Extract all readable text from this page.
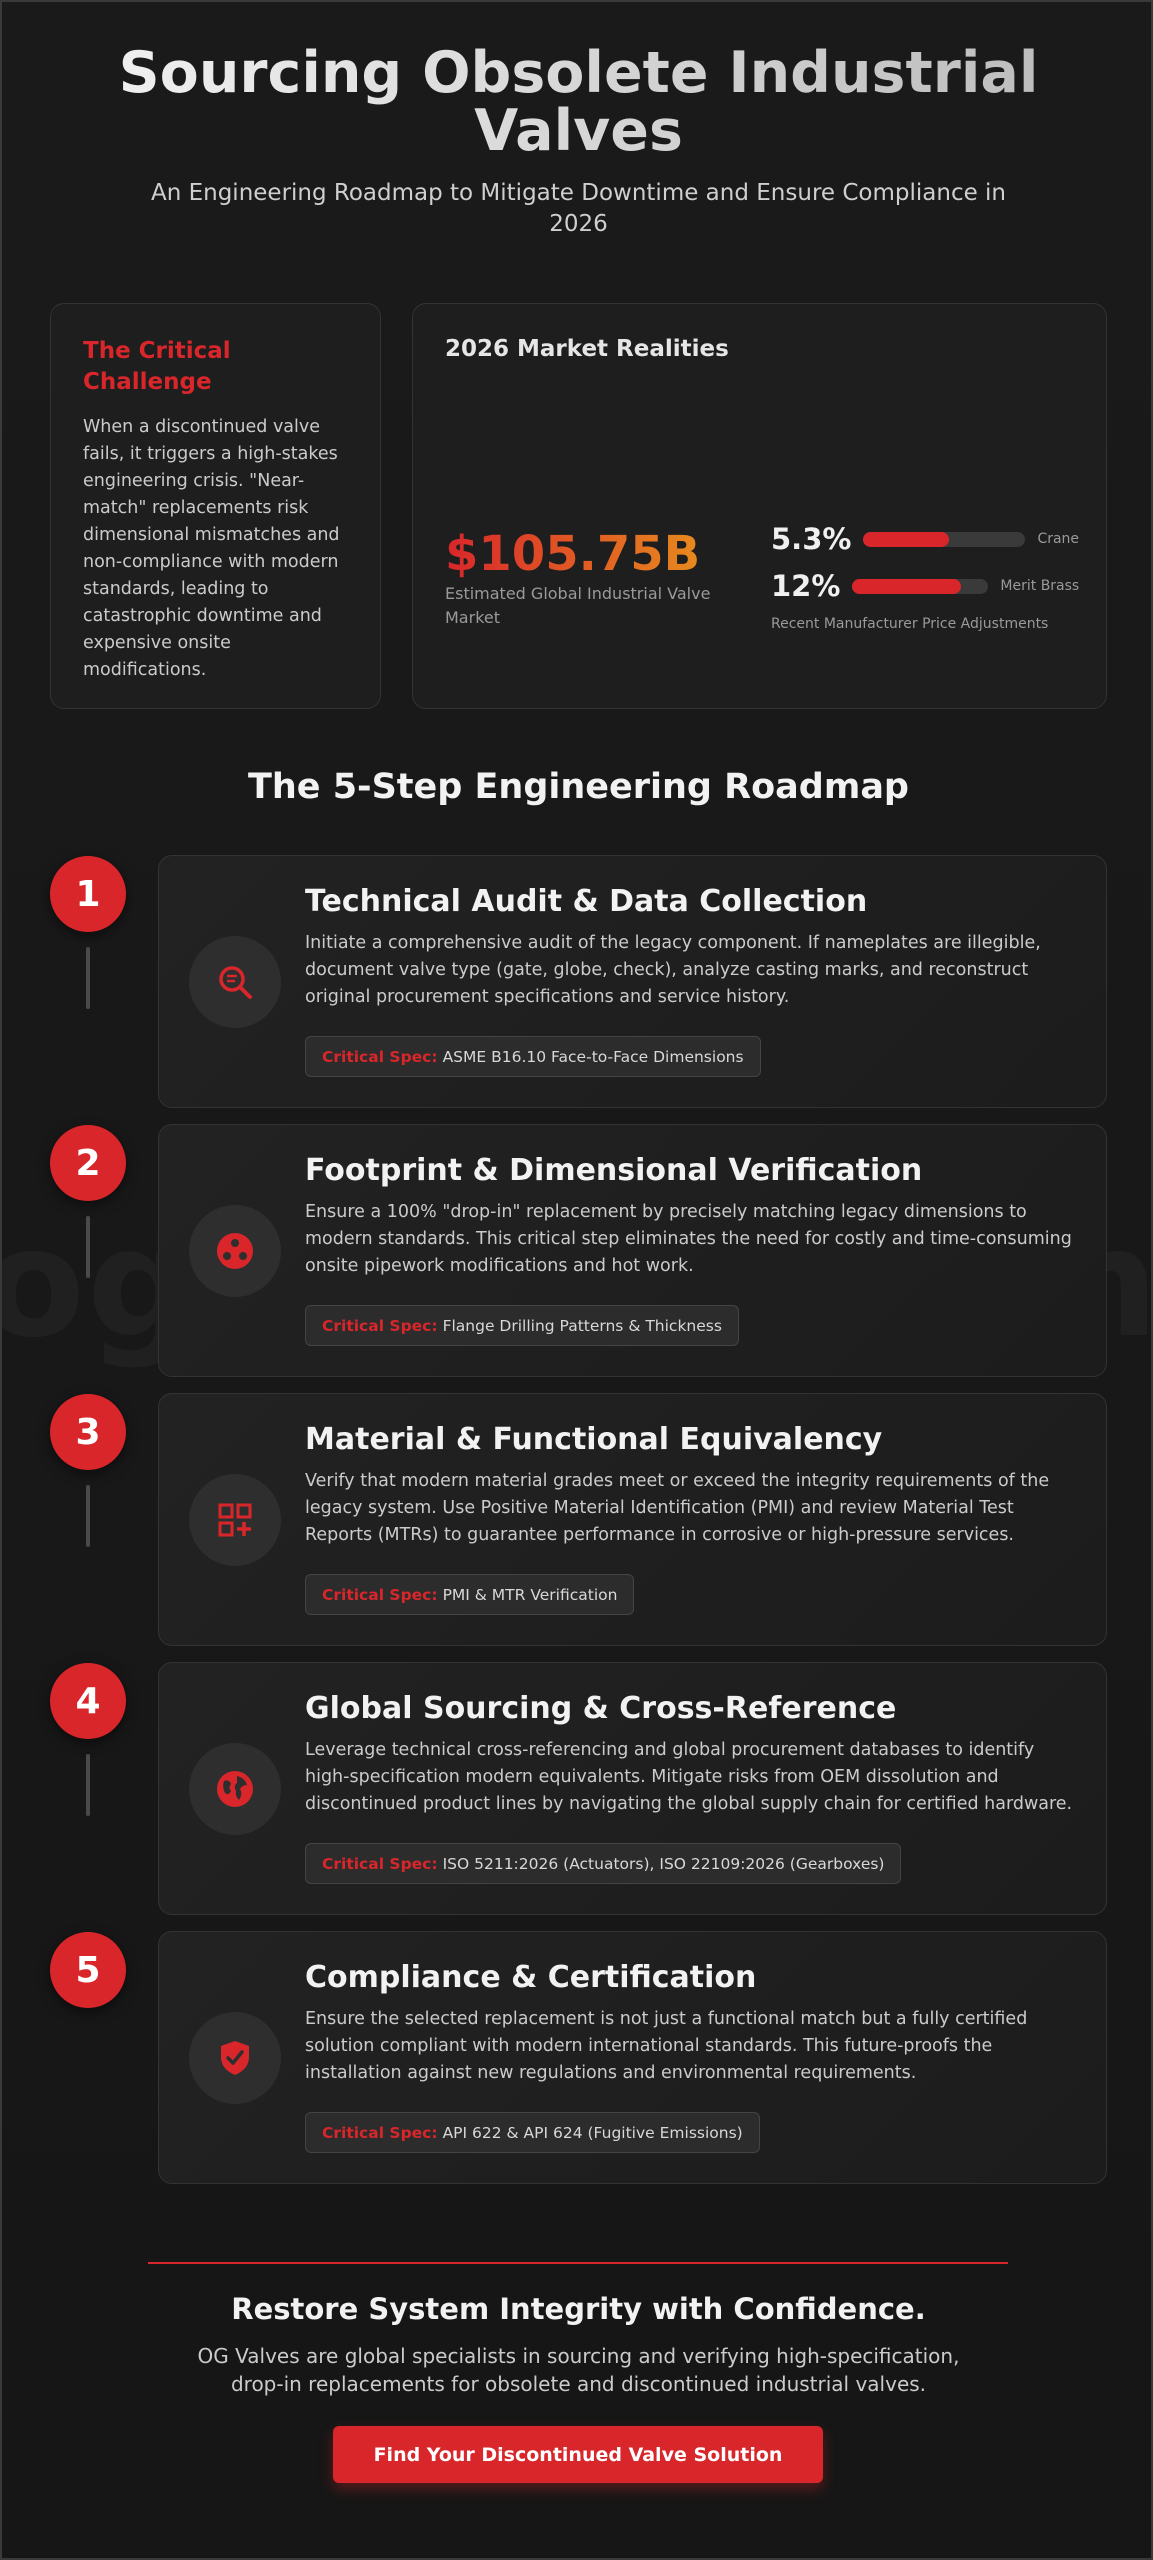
Sourcing Obsolete Industrial Valves

An Engineering Roadmap to Mitigate Downtime and Ensure Compliance in 2026

The Critical Challenge

When a discontinued valve fails, it triggers a high-stakes engineering crisis. "Near-match" replacements risk dimensional mismatches and non-compliance with modern standards, leading to catastrophic downtime and expensive onsite modifications.

2026 Market Realities
$105.75B
Estimated Global Industrial Valve Market
5.3%	Crane
12%	Merit Brass
Recent Manufacturer Price Adjustments
The 5-Step Engineering Roadmap
1	Technical Audit & Data Collection
Initiate a comprehensive audit of the legacy component. If nameplates are illegible, document valve type (gate, globe, check), analyze casting marks, and reconstruct original procurement specifications and service history.
Critical Spec: ASME B16.10 Face-to-Face Dimensions
2	Footprint & Dimensional Verification
Ensure a 100% "drop-in" replacement by precisely matching legacy dimensions to modern standards. This critical step eliminates the need for costly and time-consuming onsite pipework modifications and hot work.
Critical Spec: Flange Drilling Patterns & Thickness
3	Material & Functional Equivalency
Verify that modern material grades meet or exceed the integrity requirements of the legacy system. Use Positive Material Identification (PMI) and review Material Test Reports (MTRs) to guarantee performance in corrosive or high-pressure services.
Critical Spec: PMI & MTR Verification
4	Global Sourcing & Cross-Reference
Leverage technical cross-referencing and global procurement databases to identify high-specification modern equivalents. Mitigate risks from OEM dissolution and discontinued product lines by navigating the global supply chain for certified hardware.
Critical Spec: ISO 5211:2026 (Actuators), ISO 22109:2026 (Gearboxes)
5	Compliance & Certification
Ensure the selected replacement is not just a functional match but a fully certified solution compliant with modern international standards. This future-proofs the installation against new regulations and environmental requirements.
Critical Spec: API 622 & API 624 (Fugitive Emissions)
Restore System Integrity with Confidence.

OG Valves are global specialists in sourcing and verifying high-specification, drop-in replacements for obsolete and discontinued industrial valves.

Find Your Discontinued Valve Solution
